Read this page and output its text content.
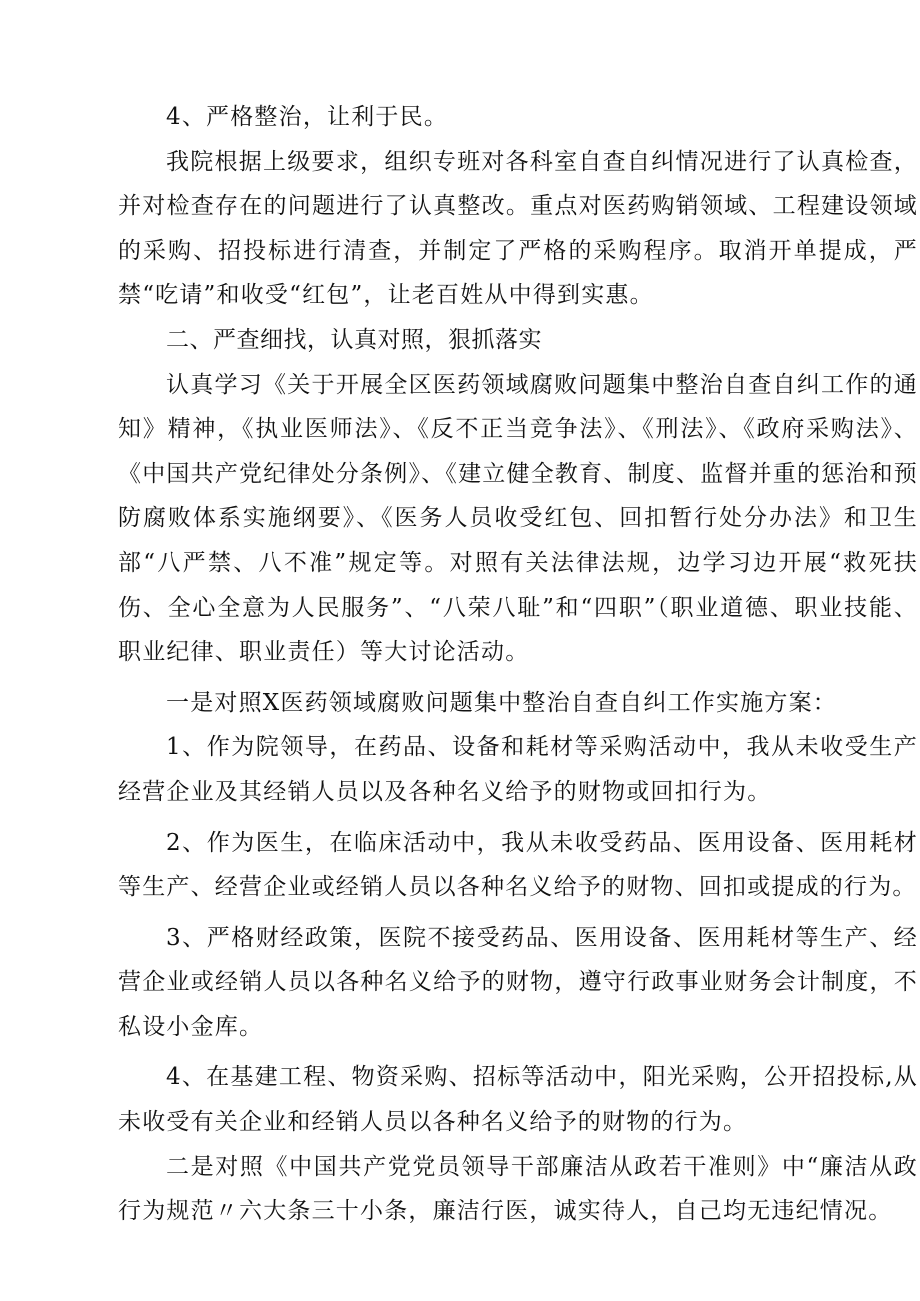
4、严格整治，让利于民。

我院根据上级要求，组织专班对各科室自查自纠情况进行了认真检查，并对检查存在的问题进行了认真整改。重点对医药购销领域、工程建设领域的采购、招投标进行清查，并制定了严格的采购程序。取消开单提成，严禁“吃请”和收受“红包”，让老百姓从中得到实惠。

二、严查细找，认真对照，狠抓落实

认真学习《关于开展全区医药领域腐败问题集中整治自查自纠工作的通知》精神，《执业医师法》、《反不正当竞争法》、《刑法》、《政府采购法》、《中国共产党纪律处分条例》、《建立健全教育、制度、监督并重的惩治和预防腐败体系实施纲要》、《医务人员收受红包、回扣暂行处分办法》和卫生部“八严禁、八不准”规定等。对照有关法律法规，边学习边开展“救死扶伤、全心全意为人民服务”、“八荣八耻”和“四职”（职业道德、职业技能、职业纪律、职业责任）等大讨论活动。

一是对照X医药领域腐败问题集中整治自查自纠工作实施方案：

1、作为院领导，在药品、设备和耗材等采购活动中，我从未收受生产经营企业及其经销人员以及各种名义给予的财物或回扣行为。

2、作为医生，在临床活动中，我从未收受药品、医用设备、医用耗材等生产、经营企业或经销人员以各种名义给予的财物、回扣或提成的行为。

3、严格财经政策，医院不接受药品、医用设备、医用耗材等生产、经营企业或经销人员以各种名义给予的财物，遵守行政事业财务会计制度，不私设小金库。

4、在基建工程、物资采购、招标等活动中，阳光采购，公开招投标,从未收受有关企业和经销人员以各种名义给予的财物的行为。

二是对照《中国共产党党员领导干部廉洁从政若干准则》中“廉洁从政行为规范〃六大条三十小条，廉洁行医，诚实待人，自己均无违纪情况。
